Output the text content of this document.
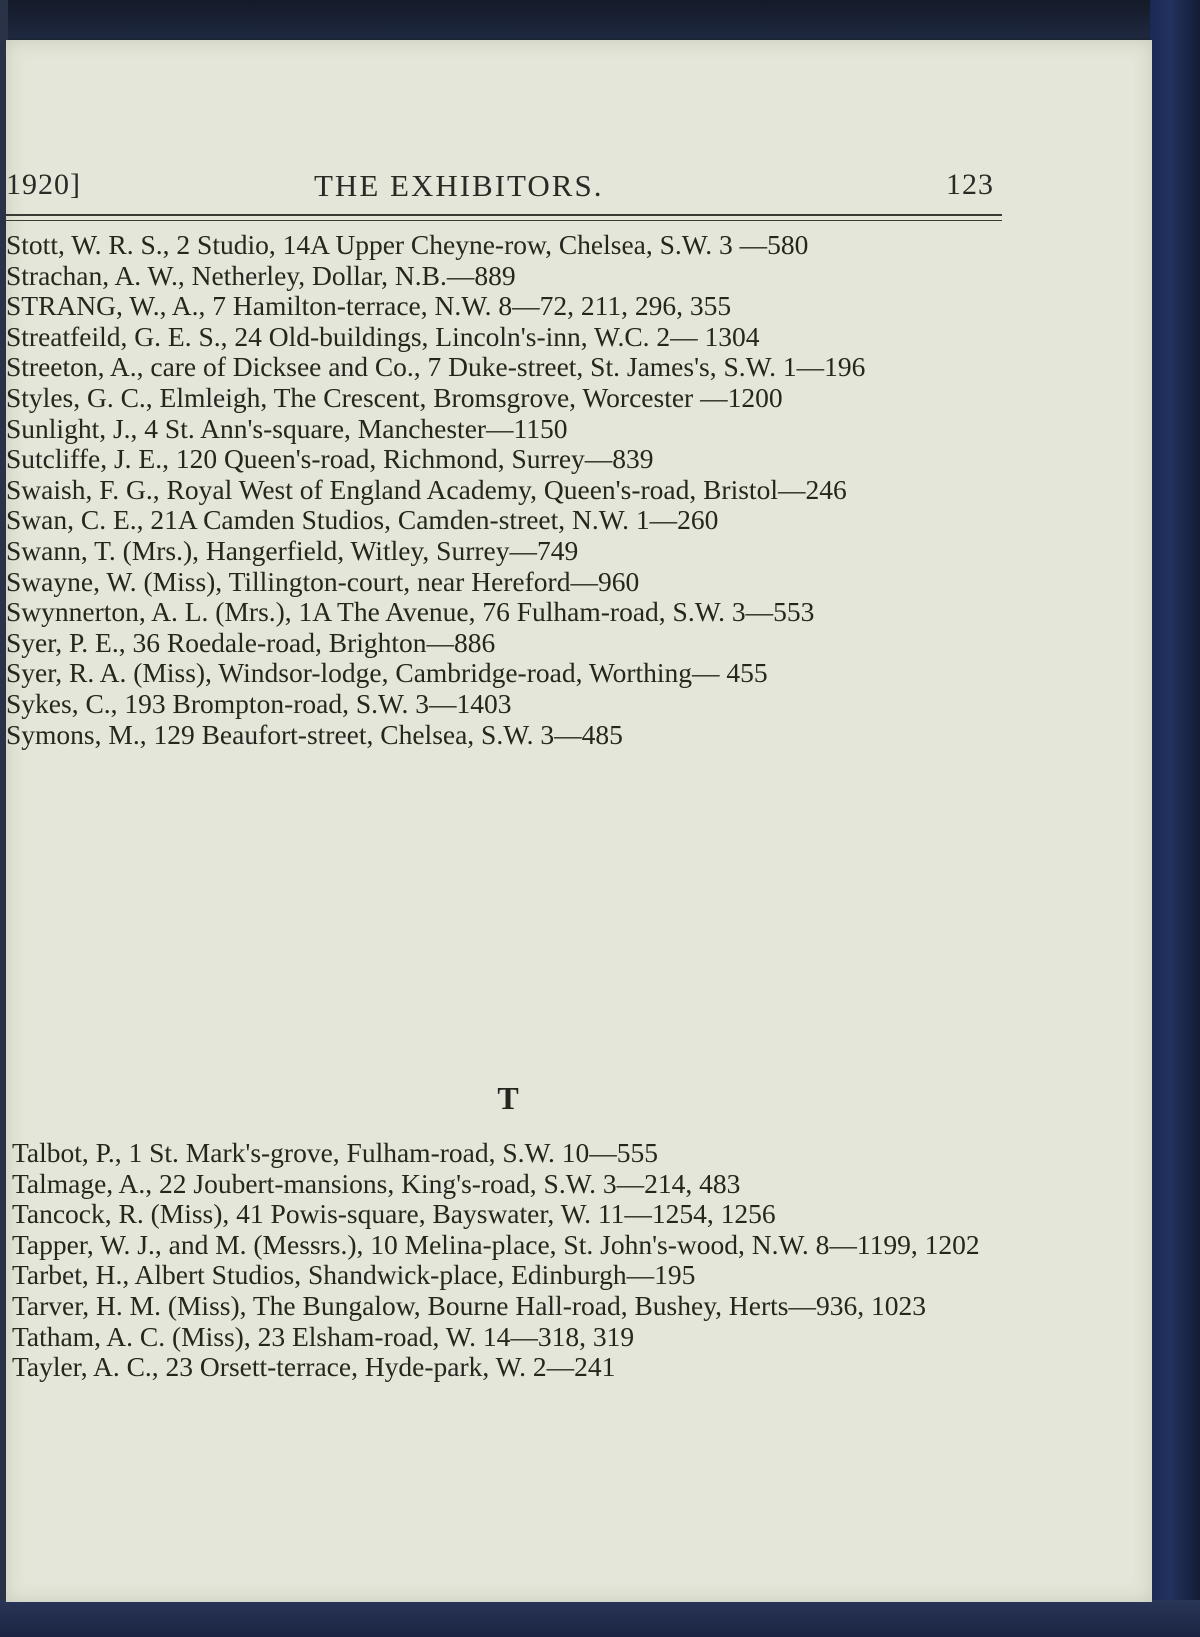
1920]	THE EXHIBITORS.	123

Stott, W. R. S., 2 Studio, 14A Upper Cheyne-row, Chelsea, S.W. 3 —580

Strachan, A. W., Netherley, Dollar, N.B.—889

STRANG, W., A., 7 Hamilton-terrace, N.W. 8—72, 211, 296, 355

Streatfeild, G. E. S., 24 Old-buildings, Lincoln's-inn, W.C. 2— 1304

Streeton, A., care of Dicksee and Co., 7 Duke-street, St. James's, S.W. 1—196

Styles, G. C., Elmleigh, The Crescent, Bromsgrove, Worcester —1200

Sunlight, J., 4 St. Ann's-square, Manchester—1150

Sutcliffe, J. E., 120 Queen's-road, Richmond, Surrey—839

Swaish, F. G., Royal West of England Academy, Queen's-road, Bristol—246

Swan, C. E., 21A Camden Studios, Camden-street, N.W. 1—260

Swann, T. (Mrs.), Hangerfield, Witley, Surrey—749

Swayne, W. (Miss), Tillington-court, near Hereford—960

Swynnerton, A. L. (Mrs.), 1A The Avenue, 76 Fulham-road, S.W. 3—553

Syer, P. E., 36 Roedale-road, Brighton—886

Syer, R. A. (Miss), Windsor-lodge, Cambridge-road, Worthing— 455

Sykes, C., 193 Brompton-road, S.W. 3—1403

Symons, M., 129 Beaufort-street, Chelsea, S.W. 3—485

T

Talbot, P., 1 St. Mark's-grove, Fulham-road, S.W. 10—555

Talmage, A., 22 Joubert-mansions, King's-road, S.W. 3—214, 483

Tancock, R. (Miss), 41 Powis-square, Bayswater, W. 11—1254, 1256

Tapper, W. J., and M. (Messrs.), 10 Melina-place, St. John's-wood, N.W. 8—1199, 1202

Tarbet, H., Albert Studios, Shandwick-place, Edinburgh—195

Tarver, H. M. (Miss), The Bungalow, Bourne Hall-road, Bushey, Herts—936, 1023

Tatham, A. C. (Miss), 23 Elsham-road, W. 14—318, 319

Tayler, A. C., 23 Orsett-terrace, Hyde-park, W. 2—241
